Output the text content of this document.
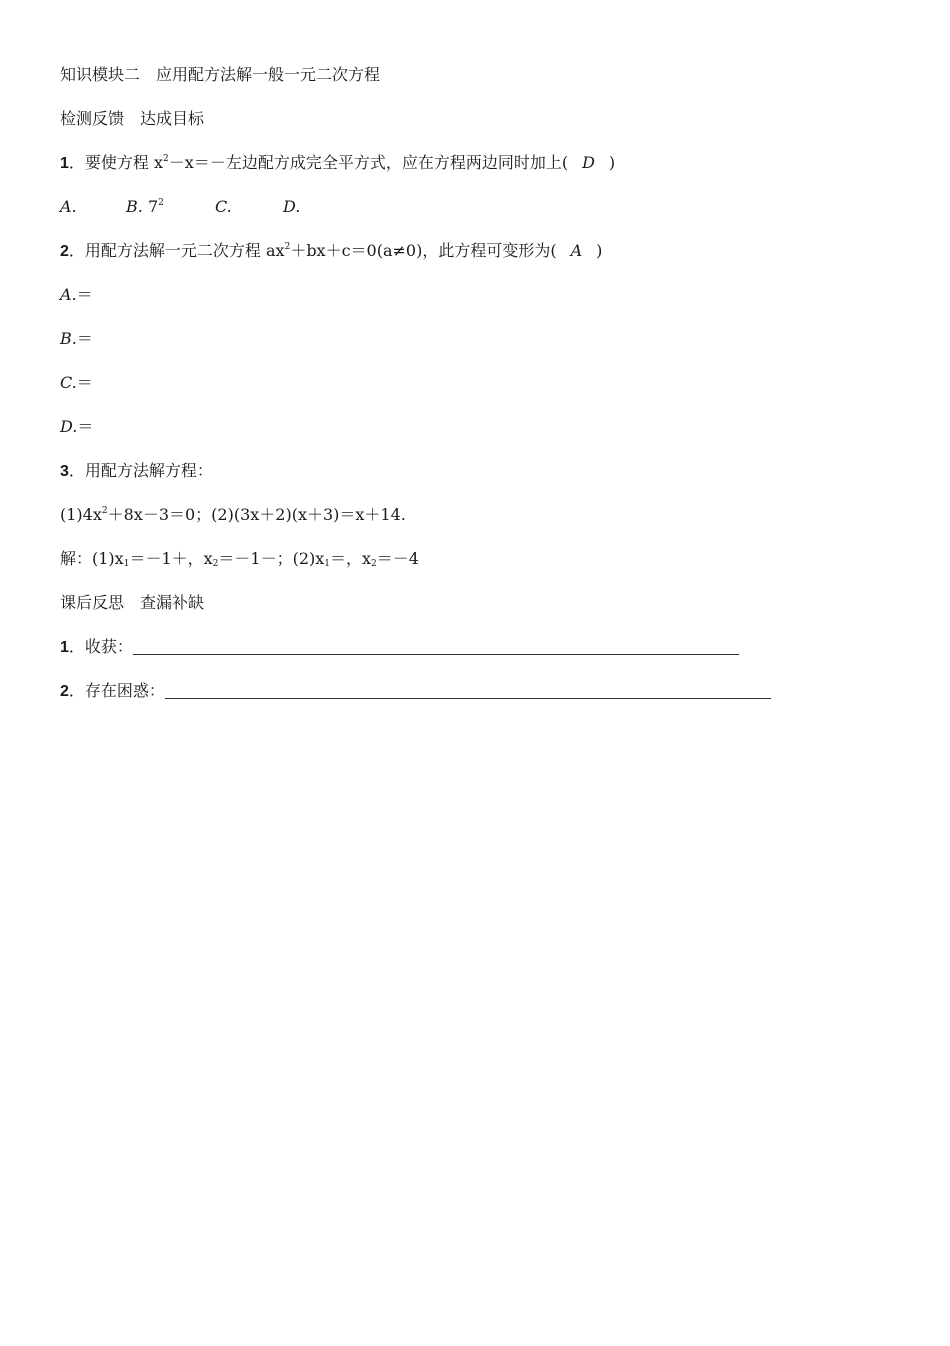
知识模块二　应用配方法解一般一元二次方程
检测反馈　达成目标
1．要使方程 $x^2-x=-$左边配方成完全平方式，应在方程两边同时加上( D )
A.	B. $7^2$	C.	D.
2．用配方法解一元二次方程 $ax^2+bx+c=0(a\ne 0)$，此方程可变形为( A )
A.＝
B.＝
C.＝
D.＝
3．用配方法解方程：
$(1)4x^2+8x-3=0$；(2)(3x＋2)(x＋3)＝x＋14.
解：$(1)x_1=-1+$，$x_2=-1-$；$(2)x_1=$，$x_2=-4$
课后反思　查漏补缺
1．收获：
2．存在困惑：
